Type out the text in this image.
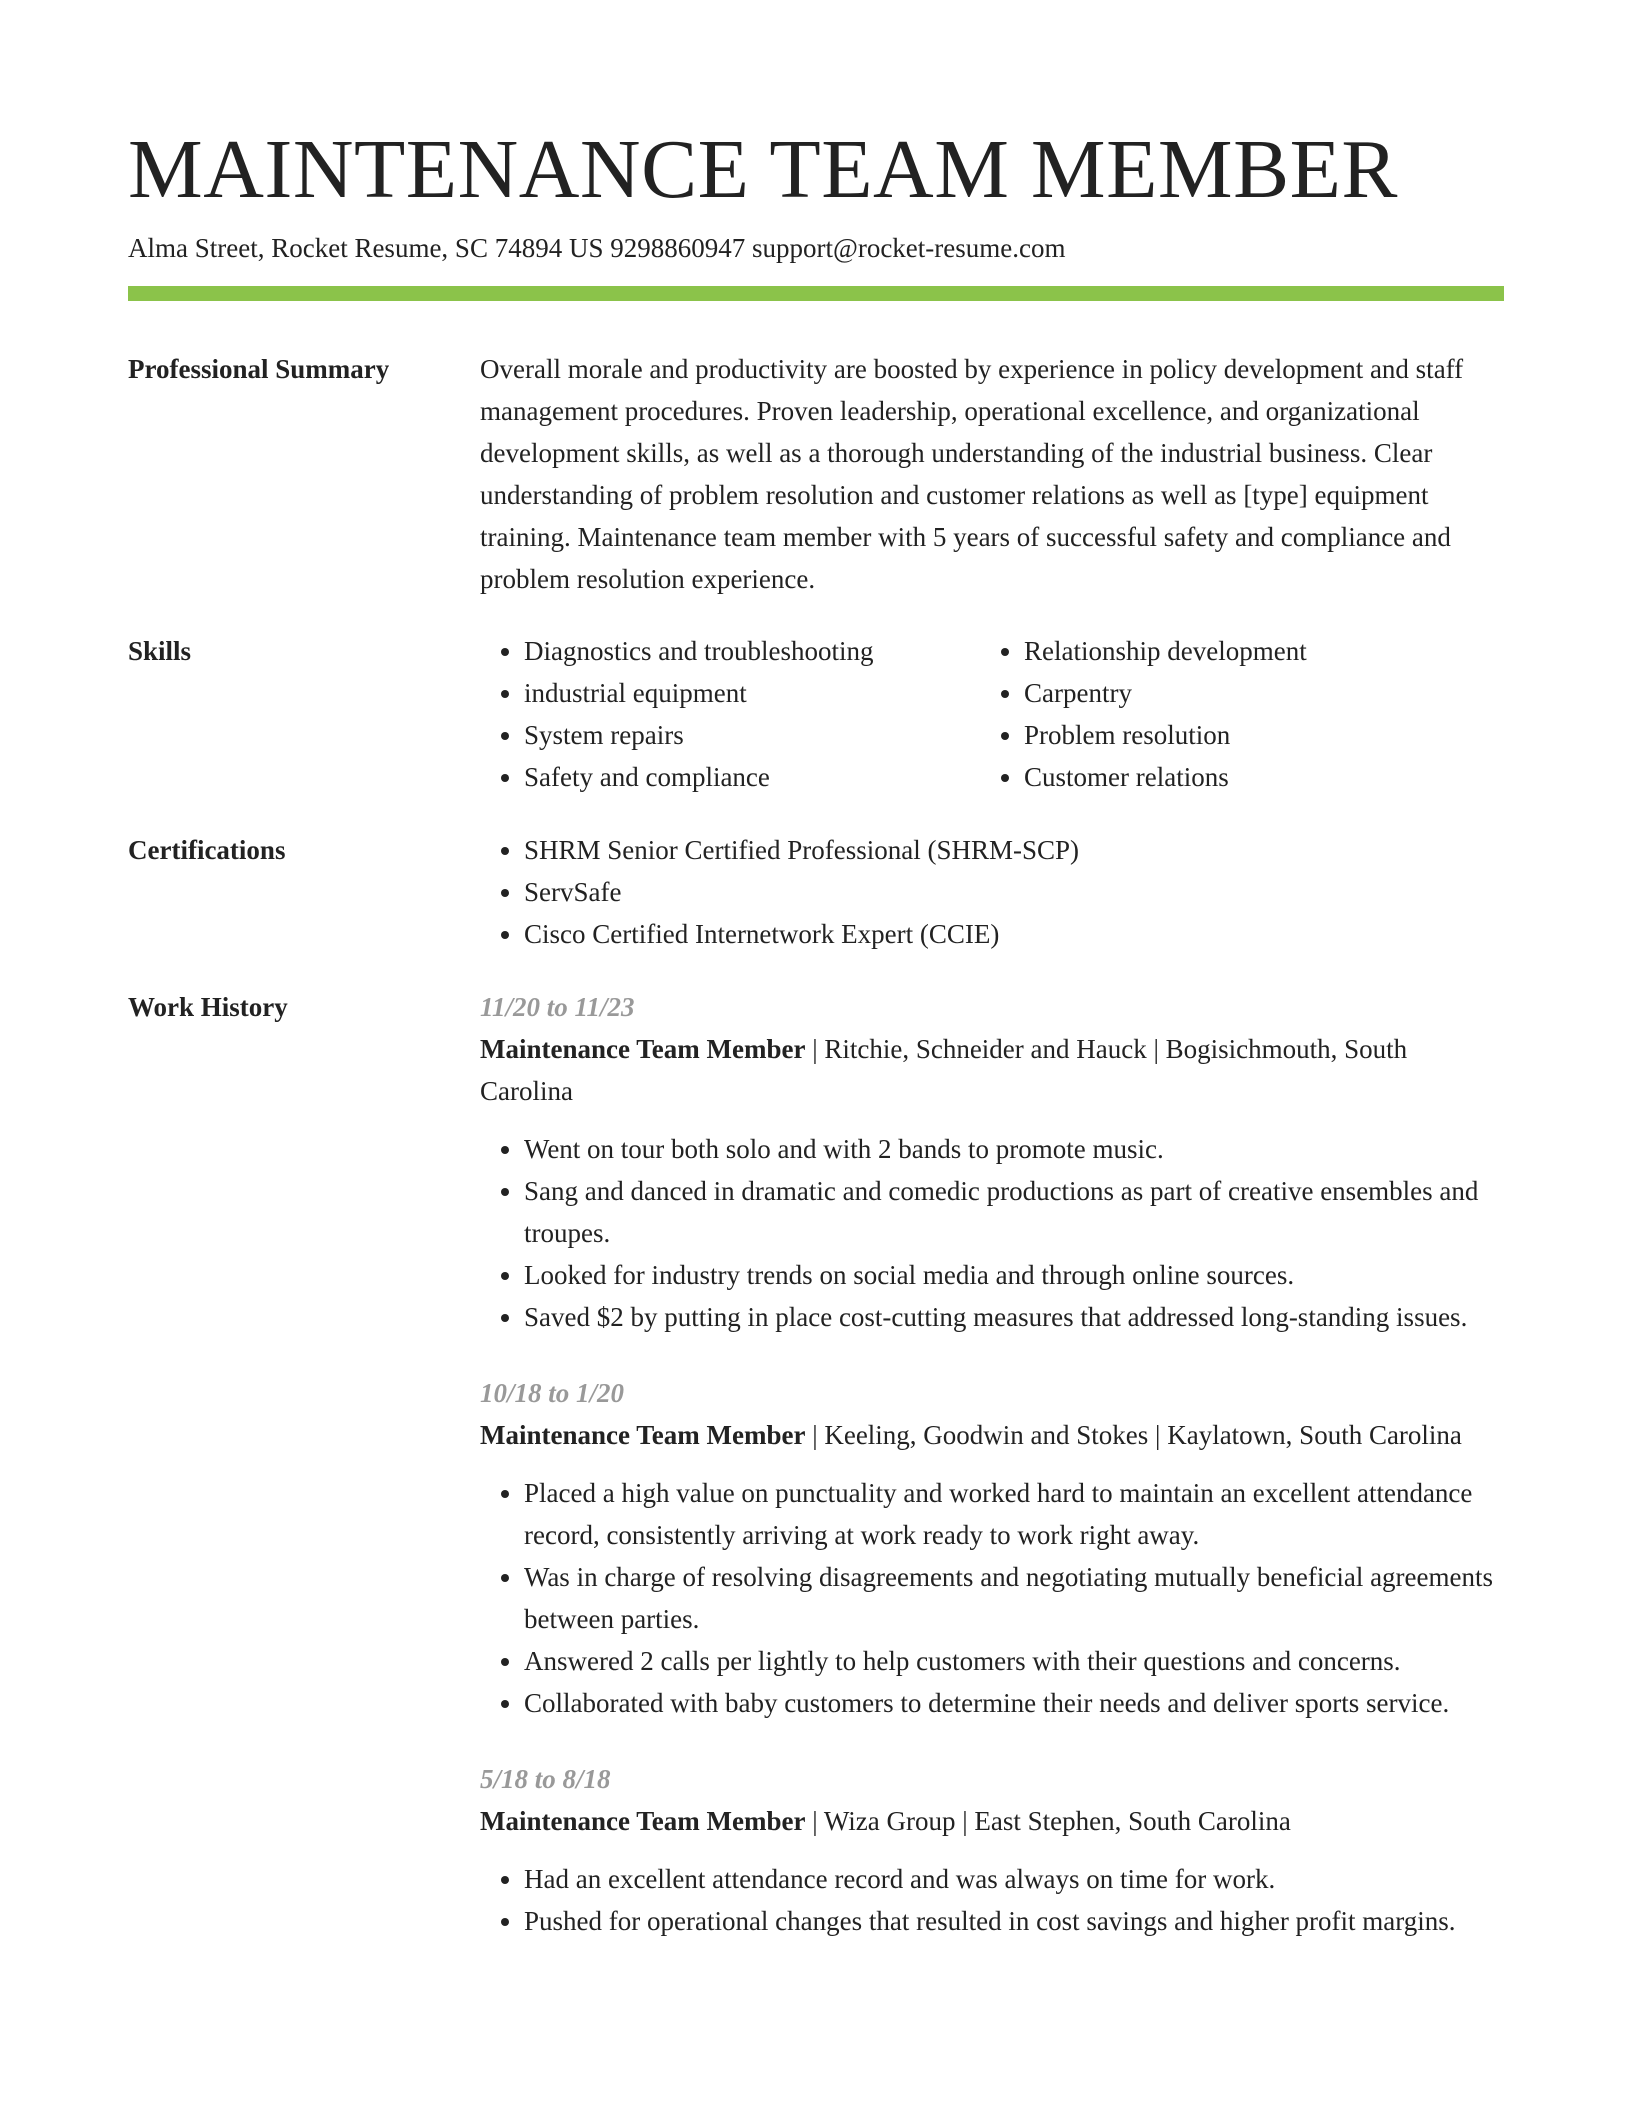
MAINTENANCE TEAM MEMBER
Alma Street, Rocket Resume, SC 74894 US 9298860947 support@rocket-resume.com
Professional Summary	Overall morale and productivity are boosted by experience in policy development and staff management procedures. Proven leadership, operational excellence, and organizational development skills, as well as a thorough understanding of the industrial business. Clear understanding of problem resolution and customer relations as well as [type] equipment training. Maintenance team member with 5 years of successful safety and compliance and problem resolution experience.

Skills	• Diagnostics and troubleshooting
• industrial equipment
• System repairs
• Safety and compliance
• Relationship development
• Carpentry
• Problem resolution
• Customer relations
Certifications	• SHRM Senior Certified Professional (SHRM-SCP)
• ServSafe
• Cisco Certified Internetwork Expert (CCIE)
Work History	11/20 to 11/23
Maintenance Team Member | Ritchie, Schneider and Hauck | Bogisichmouth, South Carolina
• Went on tour both solo and with 2 bands to promote music.
• Sang and danced in dramatic and comedic productions as part of creative ensembles and troupes.
• Looked for industry trends on social media and through online sources.
• Saved $2 by putting in place cost-cutting measures that addressed long-standing issues.
10/18 to 1/20
Maintenance Team Member | Keeling, Goodwin and Stokes | Kaylatown, South Carolina
• Placed a high value on punctuality and worked hard to maintain an excellent attendance record, consistently arriving at work ready to work right away.
• Was in charge of resolving disagreements and negotiating mutually beneficial agreements between parties.
• Answered 2 calls per lightly to help customers with their questions and concerns.
• Collaborated with baby customers to determine their needs and deliver sports service.
5/18 to 8/18
Maintenance Team Member | Wiza Group | East Stephen, South Carolina
• Had an excellent attendance record and was always on time for work.
• Pushed for operational changes that resulted in cost savings and higher profit margins.
